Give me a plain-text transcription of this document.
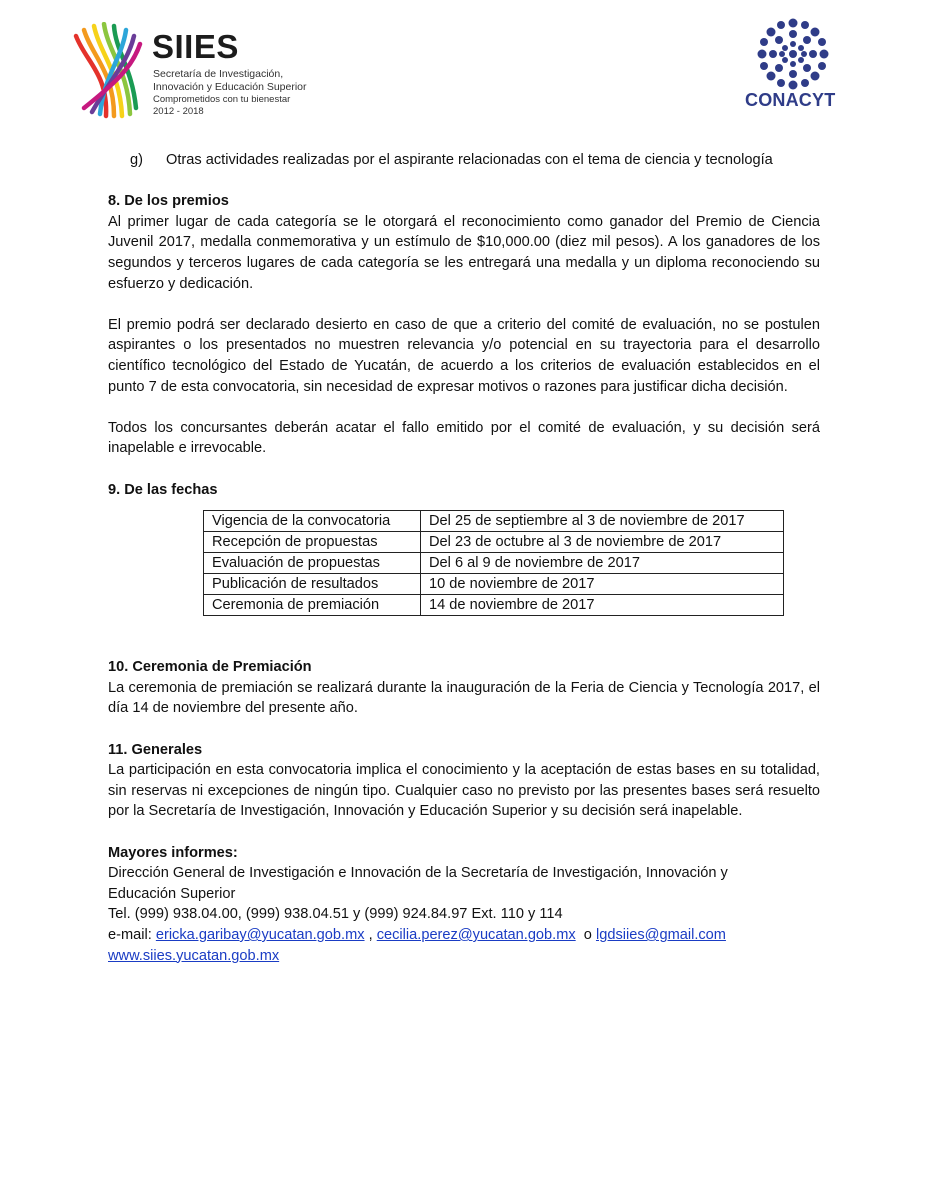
SIIES
Secretaría de Investigación,
Innovación y Educación Superior
Comprometidos con tu bienestar
2012 - 2018
CONACYT

g) Otras actividades realizadas por el aspirante relacionadas con el tema de ciencia y tecnología

8. De los premios

Al primer lugar de cada categoría se le otorgará el reconocimiento como ganador del Premio de Ciencia Juvenil 2017, medalla conmemorativa y un estímulo de $10,000.00 (diez mil pesos). A los ganadores de los segundos y terceros lugares de cada categoría se les entregará una medalla y un diploma reconociendo su esfuerzo y dedicación.

El premio podrá ser declarado desierto en caso de que a criterio del comité de evaluación, no se postulen aspirantes o los presentados no muestren relevancia y/o potencial en su trayectoria para el desarrollo científico tecnológico del Estado de Yucatán, de acuerdo a los criterios de evaluación establecidos en el punto 7 de esta convocatoria, sin necesidad de expresar motivos o razones para justificar dicha decisión.

Todos los concursantes deberán acatar el fallo emitido por el comité de evaluación, y su decisión será inapelable e irrevocable.

9. De las fechas

Vigencia de la convocatoria	Del 25 de septiembre al 3 de noviembre de 2017
Recepción de propuestas	Del 23 de octubre al 3 de noviembre de 2017
Evaluación de propuestas	Del 6 al 9 de noviembre de 2017
Publicación de resultados	10 de noviembre de 2017
Ceremonia de premiación	14 de noviembre de 2017

10. Ceremonia de Premiación

La ceremonia de premiación se realizará durante la inauguración de la Feria de Ciencia y Tecnología 2017, el día 14 de noviembre del presente año.

11. Generales

La participación en esta convocatoria implica el conocimiento y la aceptación de estas bases en su totalidad, sin reservas ni excepciones de ningún tipo. Cualquier caso no previsto por las presentes bases será resuelto por la Secretaría de Investigación, Innovación y Educación Superior y su decisión será inapelable.

Mayores informes:

Dirección General de Investigación e Innovación de la Secretaría de Investigación, Innovación y

Educación Superior

Tel. (999) 938.04.00, (999) 938.04.51 y (999) 924.84.97 Ext. 110 y 114

e-mail: ericka.garibay@yucatan.gob.mx , cecilia.perez@yucatan.gob.mx  o lgdsiies@gmail.com

www.siies.yucatan.gob.mx
